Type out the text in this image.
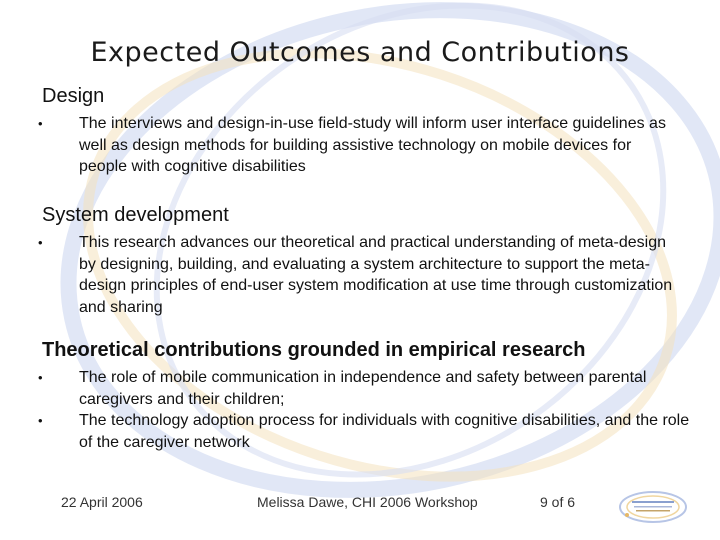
Expected Outcomes and Contributions
Design
• The interviews and design-in-use field-study will inform user interface guidelines as well as design methods for building assistive technology on mobile devices for people with cognitive disabilities
System development
• This research advances our theoretical and practical understanding of meta-design by designing, building, and evaluating a system architecture to support the meta-design principles of end-user system modification at use time through customization and sharing
Theoretical contributions grounded in empirical research
• The role of mobile communication in independence and safety between parental caregivers and their children;
• The technology adoption process for individuals with cognitive disabilities, and the role of the caregiver network
22 April 2006	Melissa Dawe, CHI 2006 Workshop	9 of 6
